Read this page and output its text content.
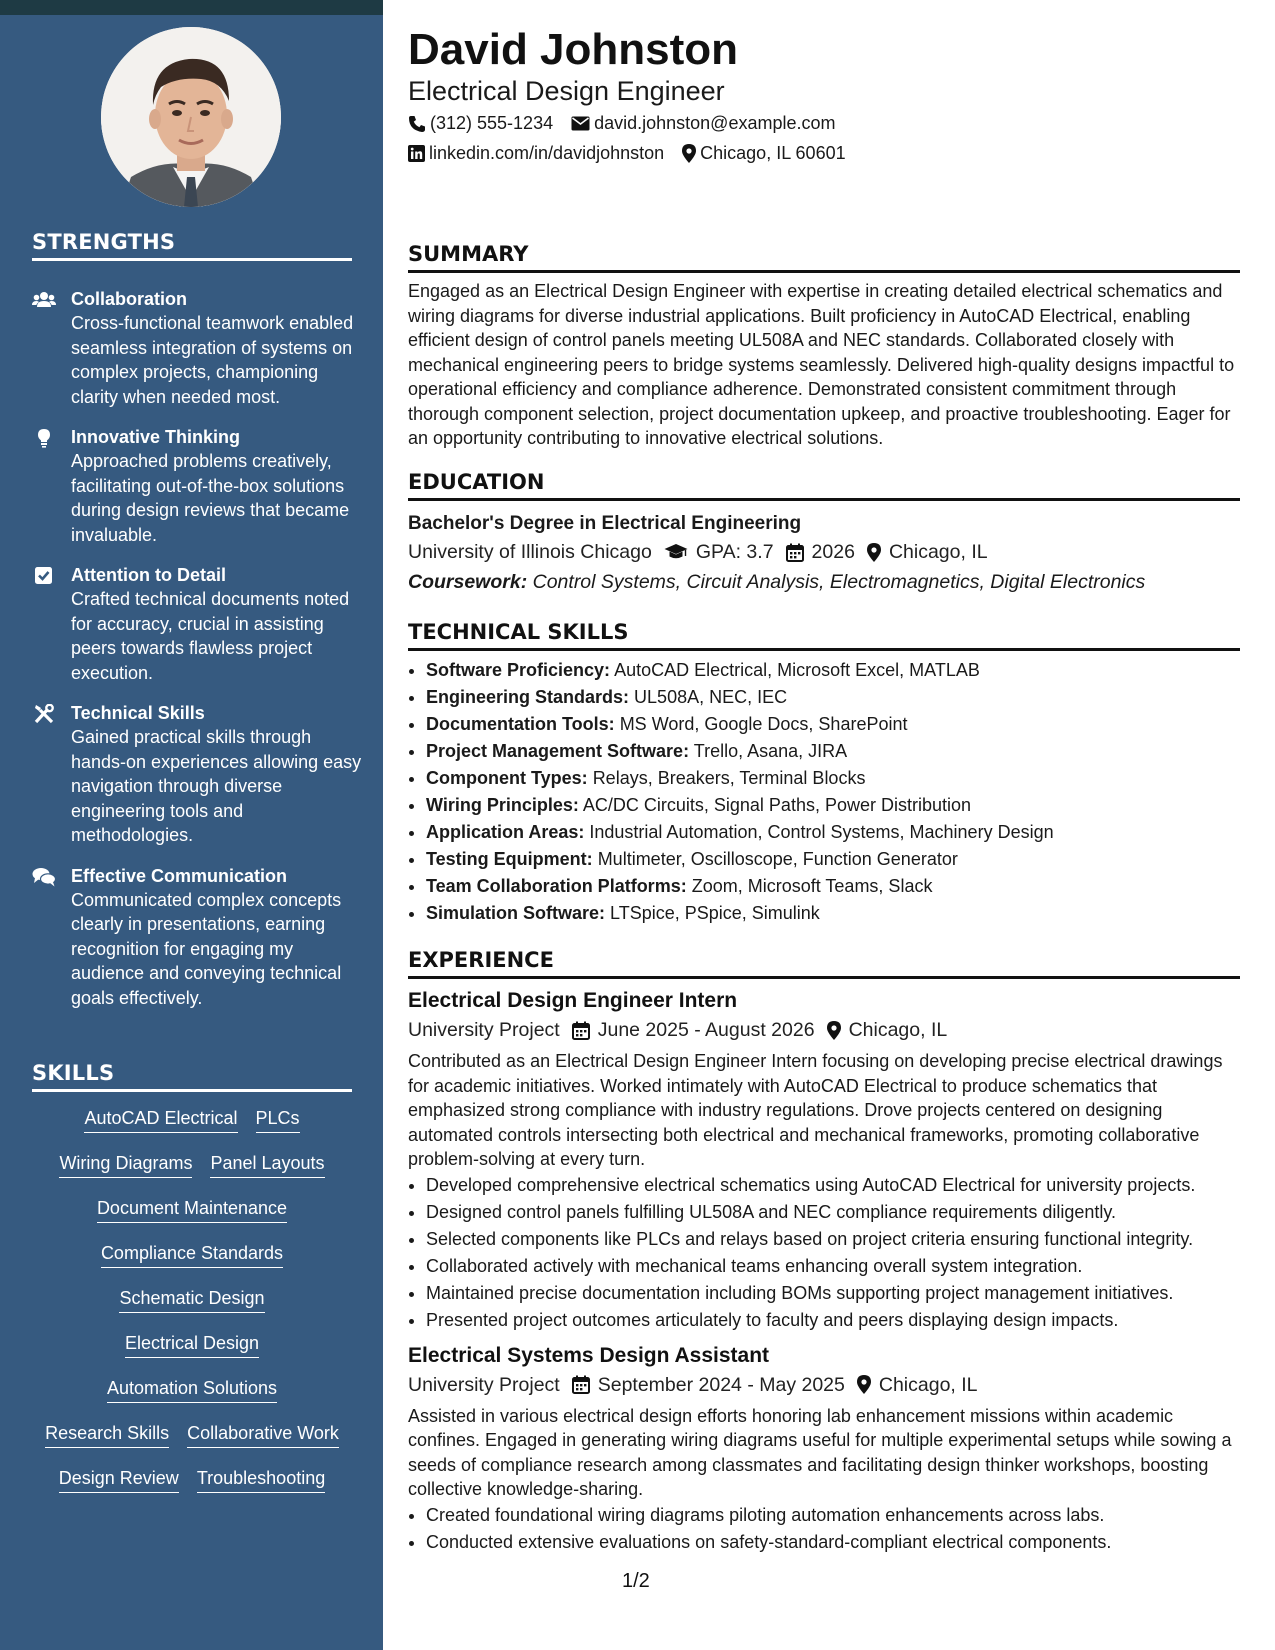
STRENGTHS
Collaboration
Cross-functional teamwork enabled seamless integration of systems on complex projects, championing clarity when needed most.
Innovative Thinking
Approached problems creatively, facilitating out-of-the-box solutions during design reviews that became invaluable.
Attention to Detail
Crafted technical documents noted for accuracy, crucial in assisting peers towards flawless project execution.
Technical Skills
Gained practical skills through hands-on experiences allowing easy navigation through diverse engineering tools and methodologies.
Effective Communication
Communicated complex concepts clearly in presentations, earning recognition for engaging my audience and conveying technical goals effectively.
SKILLS
AutoCAD Electrical PLCs
Wiring Diagrams Panel Layouts
Document Maintenance
Compliance Standards
Schematic Design
Electrical Design
Automation Solutions
Research Skills Collaborative Work
Design Review Troubleshooting
David Johnston
Electrical Design Engineer
(312) 555-1234 david.johnston@example.com
linkedin.com/in/davidjohnston Chicago, IL 60601
SUMMARY
Engaged as an Electrical Design Engineer with expertise in creating detailed electrical schematics and wiring diagrams for diverse industrial applications. Built proficiency in AutoCAD Electrical, enabling efficient design of control panels meeting UL508A and NEC standards. Collaborated closely with mechanical engineering peers to bridge systems seamlessly. Delivered high-quality designs impactful to operational efficiency and compliance adherence. Demonstrated consistent commitment through thorough component selection, project documentation upkeep, and proactive troubleshooting. Eager for an opportunity contributing to innovative electrical solutions.
EDUCATION
Bachelor's Degree in Electrical Engineering
University of Illinois Chicago GPA: 3.7 2026 Chicago, IL
Coursework: Control Systems, Circuit Analysis, Electromagnetics, Digital Electronics
TECHNICAL SKILLS
• Software Proficiency: AutoCAD Electrical, Microsoft Excel, MATLAB
• Engineering Standards: UL508A, NEC, IEC
• Documentation Tools: MS Word, Google Docs, SharePoint
• Project Management Software: Trello, Asana, JIRA
• Component Types: Relays, Breakers, Terminal Blocks
• Wiring Principles: AC/DC Circuits, Signal Paths, Power Distribution
• Application Areas: Industrial Automation, Control Systems, Machinery Design
• Testing Equipment: Multimeter, Oscilloscope, Function Generator
• Team Collaboration Platforms: Zoom, Microsoft Teams, Slack
• Simulation Software: LTSpice, PSpice, Simulink
EXPERIENCE
Electrical Design Engineer Intern
University Project June 2025 - August 2026 Chicago, IL
Contributed as an Electrical Design Engineer Intern focusing on developing precise electrical drawings for academic initiatives. Worked intimately with AutoCAD Electrical to produce schematics that emphasized strong compliance with industry regulations. Drove projects centered on designing automated controls intersecting both electrical and mechanical frameworks, promoting collaborative problem-solving at every turn.
• Developed comprehensive electrical schematics using AutoCAD Electrical for university projects.
• Designed control panels fulfilling UL508A and NEC compliance requirements diligently.
• Selected components like PLCs and relays based on project criteria ensuring functional integrity.
• Collaborated actively with mechanical teams enhancing overall system integration.
• Maintained precise documentation including BOMs supporting project management initiatives.
• Presented project outcomes articulately to faculty and peers displaying design impacts.
Electrical Systems Design Assistant
University Project September 2024 - May 2025 Chicago, IL
Assisted in various electrical design efforts honoring lab enhancement missions within academic confines. Engaged in generating wiring diagrams useful for multiple experimental setups while sowing a seeds of compliance research among classmates and facilitating design thinker workshops, boosting collective knowledge-sharing.
• Created foundational wiring diagrams piloting automation enhancements across labs.
• Conducted extensive evaluations on safety-standard-compliant electrical components.
1/2
